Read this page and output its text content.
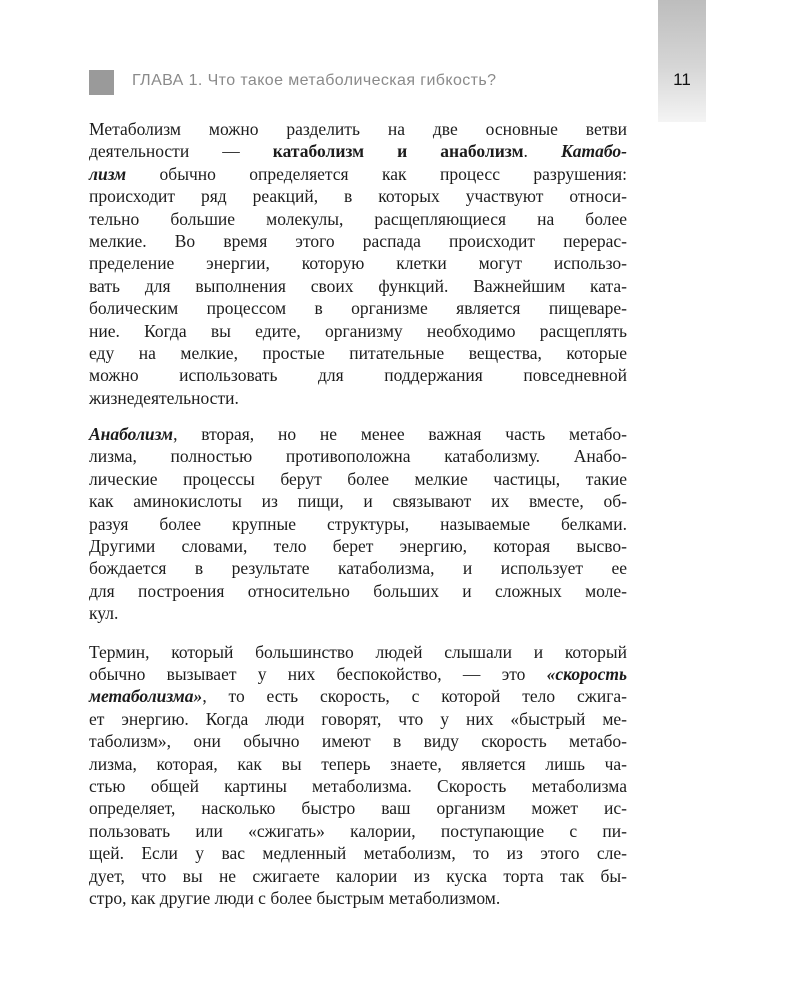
11
ГЛАВА 1. Что такое метаболическая гибкость?
Метаболизм можно разделить на две основные ветви
деятельности — катаболизм и анаболизм. Катабо-
лизм обычно определяется как процесс разрушения:
происходит ряд реакций, в которых участвуют относи-
тельно большие молекулы, расщепляющиеся на более
мелкие. Во время этого распада происходит перерас-
пределение энергии, которую клетки могут использо-
вать для выполнения своих функций. Важнейшим ката-
болическим процессом в организме является пищеваре-
ние. Когда вы едите, организму необходимо расщеплять
еду на мелкие, простые питательные вещества, которые
можно использовать для поддержания повседневной
жизнедеятельности.
Анаболизм, вторая, но не менее важная часть метабо-
лизма, полностью противоположна катаболизму. Анабо-
лические процессы берут более мелкие частицы, такие
как аминокислоты из пищи, и связывают их вместе, об-
разуя более крупные структуры, называемые белками.
Другими словами, тело берет энергию, которая высво-
бождается в результате катаболизма, и использует ее
для построения относительно больших и сложных моле-
кул.
Термин, который большинство людей слышали и который
обычно вызывает у них беспокойство, — это «скорость
метаболизма», то есть скорость, с которой тело сжига-
ет энергию. Когда люди говорят, что у них «быстрый ме-
таболизм», они обычно имеют в виду скорость метабо-
лизма, которая, как вы теперь знаете, является лишь ча-
стью общей картины метаболизма. Скорость метаболизма
определяет, насколько быстро ваш организм может ис-
пользовать или «сжигать» калории, поступающие с пи-
щей. Если у вас медленный метаболизм, то из этого сле-
дует, что вы не сжигаете калории из куска торта так бы-
стро, как другие люди с более быстрым метаболизмом.
